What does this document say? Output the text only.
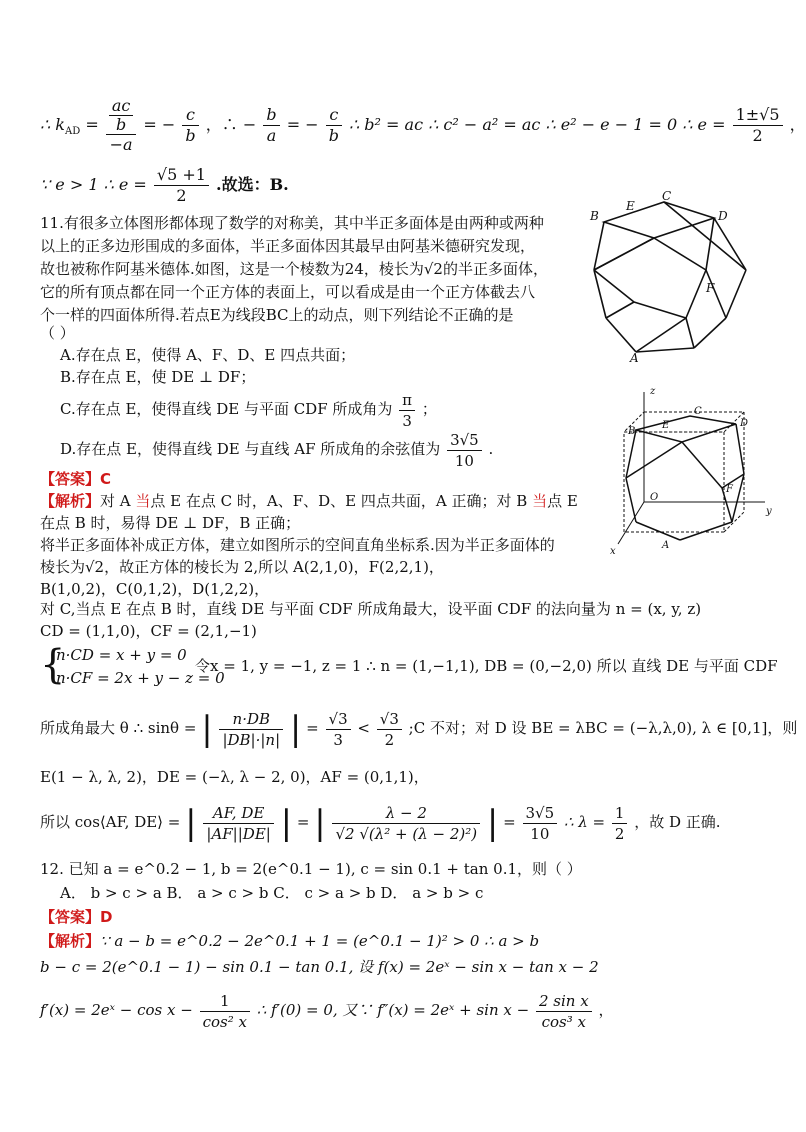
∴ $k_{AD} = \frac{\frac{ac}{b}}{-a}$ = − $\frac{c}{b}$ ，∴ − $\frac{b}{a}$ = − $\frac{c}{b}$ ∴ b² = ac ∴ c² − a² = ac ∴ e² − e − 1 = 0 ∴ $e = \frac{1\pm√5}{2}$ ，
∵ e > 1 ∴ $e = \frac{√5 +1}{2}$ .故选：B.
11.有很多立体图形都体现了数学的对称美，其中半正多面体是由两种或两种
以上的正多边形围成的多面体，半正多面体因其最早由阿基米德研究发现，
故也被称作阿基米德体.如图，这是一个棱数为24，棱长为√2的半正多面体，
它的所有顶点都在同一个正方体的表面上，可以看成是由一个正方体截去八
个一样的四面体所得.若点E为线段BC上的动点，则下列结论不正确的是
（ ）
A.存在点 E，使得 A、F、D、E 四点共面；
B.存在点 E，使 DE ⊥ DF；
C.存在点 E，使得直线 DE 与平面 CDF 所成角为 $\frac{\pi}{3}$ ；
D.存在点 E，使得直线 DE 与直线 AF 所成角的余弦值为 $\frac{3√5}{10}$ .
【答案】C
【解析】对 A 当点 E 在点 C 时，A、F、D、E 四点共面，A 正确；对 B 当点 E
在点 B 时，易得 DE ⊥ DF，B 正确；
将半正多面体补成正方体，建立如图所示的空间直角坐标系.因为半正多面体的
棱长为√2，故正方体的棱长为 2,所以 A(2,1,0)，F(2,2,1)，
B(1,0,2)，C(0,1,2)，D(1,2,2)，
对 C,当点 E 在点 B 时，直线 DE 与平面 CDF 所成角最大，设平面 CDF 的法向量为 n = (x, y, z)
CD = (1,1,0)，CF = (2,1,−1)
{
n·CD = x + y = 0
n·CF = 2x + y − z = 0
令x = 1, y = −1, z = 1 ∴ n = (1,−1,1), DB = (0,−2,0) 所以 直线 DE 与平面 CDF
所成角最大 θ ∴ sinθ = | $\frac{n\cdot DB}{|DB|\cdot|n|}$ | = $\frac{√3}{3} < \frac{√3}{2}$ ;C 不对；对 D 设 BE = λBC = (−λ,λ,0), λ ∈ [0,1]，则
E(1 − λ, λ, 2)，DE = (−λ, λ − 2, 0)，AF = (0,1,1)，
所以 cos⟨AF, DE⟩ = | $\frac{AF, DE}{|AF||DE|}$ | = | $\frac{\lambda - 2}{\text{√2 √(λ² + (λ − 2)²)}}$ | = $\frac{3√5}{10}$ ∴ $\lambda = \frac{1}{2}$ ，故 D 正确.
12. 已知 a = e^0.2 − 1, b = 2(e^0.1 − 1), c = sin 0.1 + tan 0.1，则（ ）
A． b > c > a B． a > c > b C． c > a > b D． a > b > c
【答案】D
【解析】∵ a − b = e^0.2 − 2e^0.1 + 1 = (e^0.1 − 1)² > 0 ∴ a > b
b − c = 2(e^0.1 − 1) − sin 0.1 − tan 0.1, 设 f(x) = 2eˣ − sin x − tan x − 2
f′(x) = 2eˣ − $\cos x - \frac{1}{\text{cos² x}}$ ∴ f′(0) = 0, 又∵ f″(x) = 2eˣ + $\sin x - \frac{\text{2 sin x}}{\text{cos³ x}}$ ，
B
E
C
D
F
A
z
B
E
C
D
F
O
A
x
y
